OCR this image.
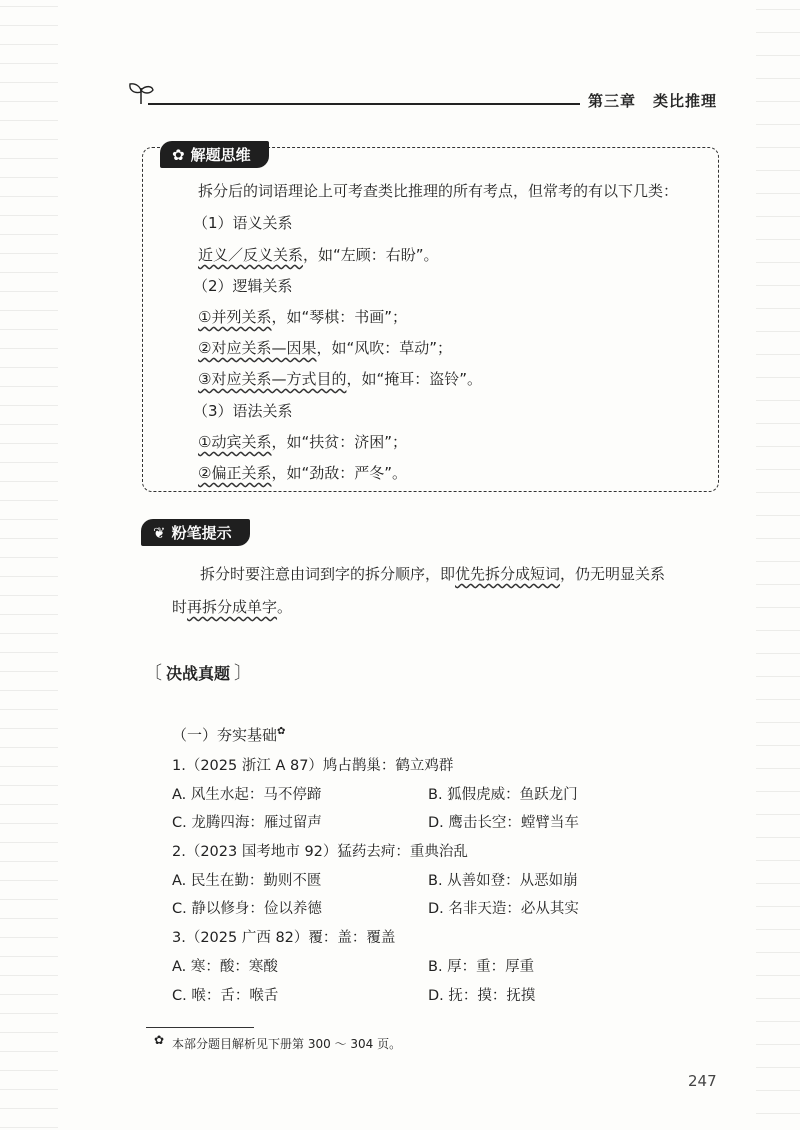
第三章 类比推理
✿ 解题思维
拆分后的词语理论上可考查类比推理的所有考点，但常考的有以下几类：
（1）语义关系
近义／反义关系，如“左顾：右盼”。
（2）逻辑关系
①并列关系，如“琴棋：书画”；
②对应关系—因果，如“风吹：草动”；
③对应关系—方式目的，如“掩耳：盗铃”。
（3）语法关系
①动宾关系，如“扶贫：济困”；
②偏正关系，如“劲敌：严冬”。
❦ 粉笔提示
拆分时要注意由词到字的拆分顺序，即优先拆分成短词，仍无明显关系
时再拆分成单字。
〔 决战真题 〕
（一）夯实基础✿
1.（2025 浙江 A 87）鸠占鹊巢：鹤立鸡群
A. 风生水起：马不停蹄	B. 狐假虎威：鱼跃龙门
C. 龙腾四海：雁过留声	D. 鹰击长空：螳臂当车
2.（2023 国考地市 92）猛药去疴：重典治乱
A. 民生在勤：勤则不匮	B. 从善如登：从恶如崩
C. 静以修身：俭以养德	D. 名非天造：必从其实
3.（2025 广西 82）覆：盖：覆盖
A. 寒：酸：寒酸	B. 厚：重：厚重
C. 喉：舌：喉舌	D. 抚：摸：抚摸
✿ 本部分题目解析见下册第 300 ～ 304 页。
247
